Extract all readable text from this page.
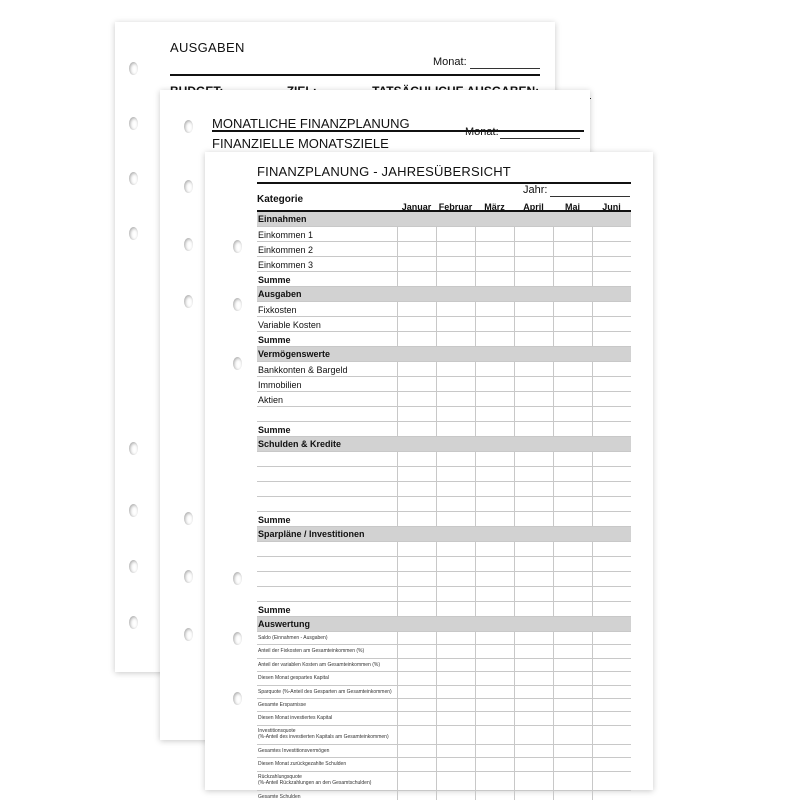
AUSGABEN
Monat:

MONATLICHE FINANZPLANUNG
Monat:
FINANZIELLE MONATSZIELE
FINANZPLANUNG - JAHRESÜBERSICHT
Jahr:
Kategorie
Januar Februar	März	April	Mai	Juni
Einnahmen
Einkommen 1
Einkommen 2
Einkommen 3
Summe
Ausgaben
Fixkosten
Variable Kosten
Summe
Vermögenswerte
Bankkonten & Bargeld
Immobilien
Aktien
Summe
Schulden & Kredite
Summe
Sparpläne / Investitionen
Summe
Auswertung
Saldo (Einnahmen - Ausgaben)
Anteil der Fixkosten am Gesamteinkommen (%)
Anteil der variablen Kosten am Gesamteinkommen (%)
Diesen Monat gespartes Kapital
Sparquote (%-Anteil des Gesparten am Gesamteinkommen)
Gesamte Ersparnisse
Diesen Monat investiertes Kapital
Investitionsquote
(%-Anteil des investierten Kapitals am Gesamteinkommen)
Gesamtes Investitionsvermögen
Diesen Monat zurückgezahlte Schulden
Rückzahlungsquote
(%-Anteil Rückzahlungen an den Gesamtschulden)
Gesamte Schulden
